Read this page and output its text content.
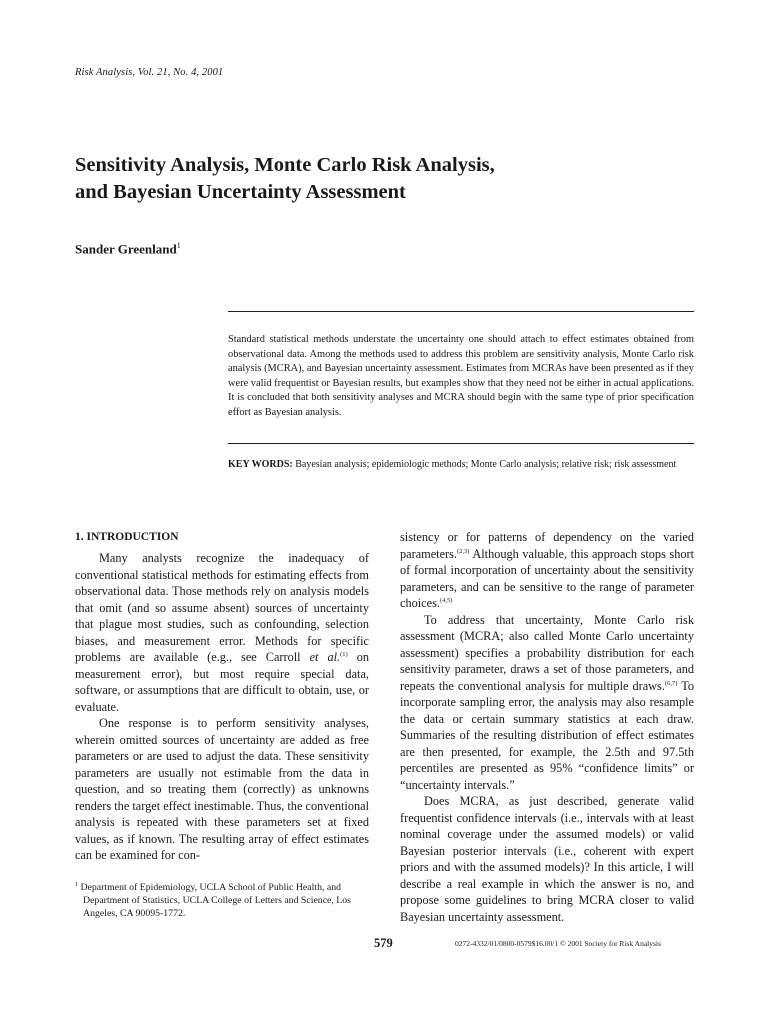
Risk Analysis, Vol. 21, No. 4, 2001
Sensitivity Analysis, Monte Carlo Risk Analysis,
and Bayesian Uncertainty Assessment
Sander Greenland$^1$

Standard statistical methods understate the uncertainty one should attach to effect estimates obtained from observational data. Among the methods used to address this problem are sensitivity analysis, Monte Carlo risk analysis (MCRA), and Bayesian uncertainty assessment. Estimates from MCRAs have been presented as if they were valid frequentist or Bayesian results, but examples show that they need not be either in actual applications. It is concluded that both sensitivity analyses and MCRA should begin with the same type of prior specification effort as Bayesian analysis.

KEY WORDS: Bayesian analysis; epidemiologic methods; Monte Carlo analysis; relative risk; risk assessment

1. INTRODUCTION

Many analysts recognize the inadequacy of conventional statistical methods for estimating effects from observational data. Those methods rely on analysis models that omit (and so assume absent) sources of uncertainty that plague most studies, such as confounding, selection biases, and measurement error. Methods for specific problems are available (e.g., see Carroll et al.$^{(1)}$ on measurement error), but most require special data, software, or assumptions that are difficult to obtain, use, or evaluate.

One response is to perform sensitivity analyses, wherein omitted sources of uncertainty are added as free parameters or are used to adjust the data. These sensitivity parameters are usually not estimable from the data in question, and so treating them (correctly) as unknowns renders the target effect inestimable. Thus, the conventional analysis is repeated with these parameters set at fixed values, as if known. The resulting array of effect estimates can be examined for con-

sistency or for patterns of dependency on the varied parameters.$^{(2,3)}$ Although valuable, this approach stops short of formal incorporation of uncertainty about the sensitivity parameters, and can be sensitive to the range of parameter choices.$^{(4,5)}$

To address that uncertainty, Monte Carlo risk assessment (MCRA; also called Monte Carlo uncertainty assessment) specifies a probability distribution for each sensitivity parameter, draws a set of those parameters, and repeats the conventional analysis for multiple draws.$^{(6,7)}$ To incorporate sampling error, the analysis may also resample the data or certain summary statistics at each draw. Summaries of the resulting distribution of effect estimates are then presented, for example, the 2.5th and 97.5th percentiles are presented as 95% “confidence limits” or “uncertainty intervals.”

Does MCRA, as just described, generate valid frequentist confidence intervals (i.e., intervals with at least nominal coverage under the assumed models) or valid Bayesian posterior intervals (i.e., coherent with expert priors and with the assumed models)? In this article, I will describe a real example in which the answer is no, and propose some guidelines to bring MCRA closer to valid Bayesian uncertainty assessment.

$^1$ Department of Epidemiology, UCLA School of Public Health, and Department of Statistics, UCLA College of Letters and Science, Los Angeles, CA 90095-1772.
579	0272-4332/01/0800-0579$16.00/1 © 2001 Society for Risk Analysis
